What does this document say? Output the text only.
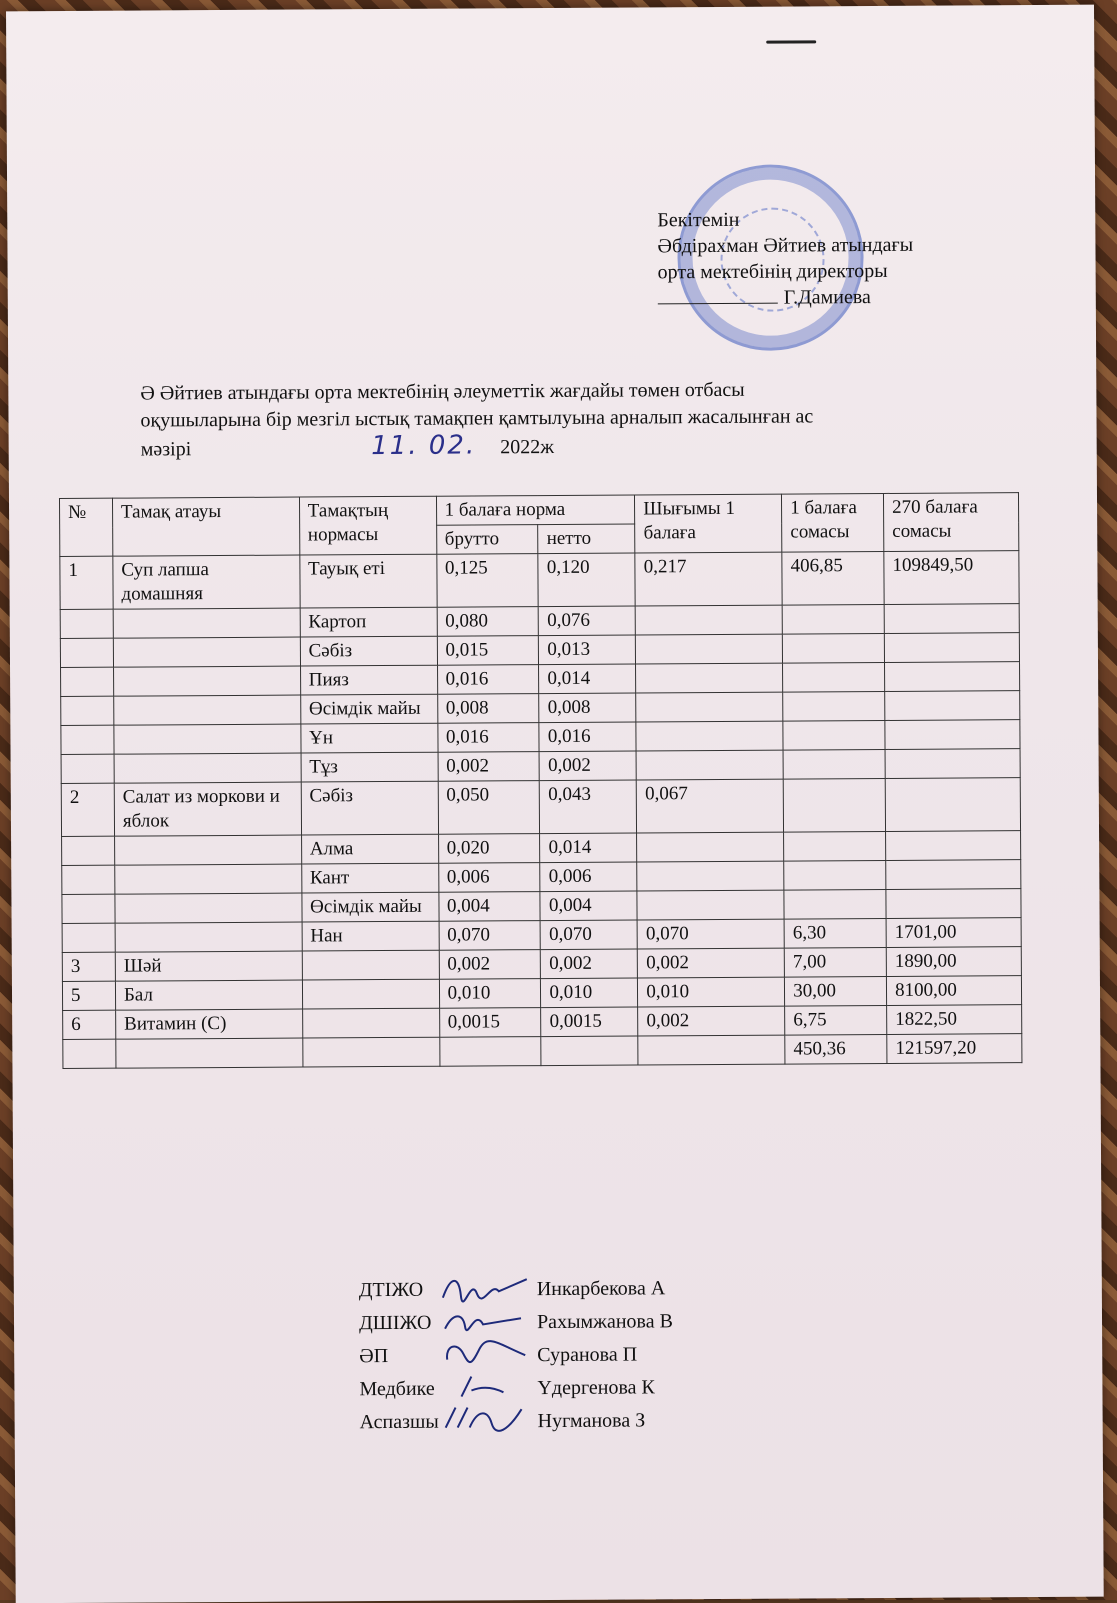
Бекітемін
Әбдірахман Әйтиев атындағы
орта мектебінің директоры
Г.Дамиева
Ә Әйтиев атындағы орта мектебінің әлеуметтік жағдайы төмен отбасы
оқушыларына бір мезгіл ыстық тамақпен қамтылуына арналып жасалынған ас
мәзірі	11. 02. 2022ж
№	Тамақ атауы	Тамақтың нормасы	1 балаға норма		Шығымы 1 балаға	1 балаға сомасы	270 балаға сомасы
			брутто	нетто			
1	Суп лапша домашняя	Тауық еті	0,125	0,120	0,217	406,85	109849,50
		Картоп	0,080	0,076			
		Сәбіз	0,015	0,013			
		Пияз	0,016	0,014			
		Өсімдік майы	0,008	0,008			
		Ұн	0,016	0,016			
		Тұз	0,002	0,002			
2	Салат из моркови и яблок	Сәбіз	0,050	0,043	0,067		
		Алма	0,020	0,014			
		Кант	0,006	0,006			
		Өсімдік майы	0,004	0,004			
		Нан	0,070	0,070	0,070	6,30	1701,00
3	Шәй		0,002	0,002	0,002	7,00	1890,00
5	Бал		0,010	0,010	0,010	30,00	8100,00
6	Витамин (С)		0,0015	0,0015	0,002	6,75	1822,50
						450,36	121597,20
ДТІЖО	Инкарбекова А
ДШІЖО	Рахымжанова В
ӘП	Суранова П
Медбике	Үдергенова К
Аспазшы	Нугманова З
